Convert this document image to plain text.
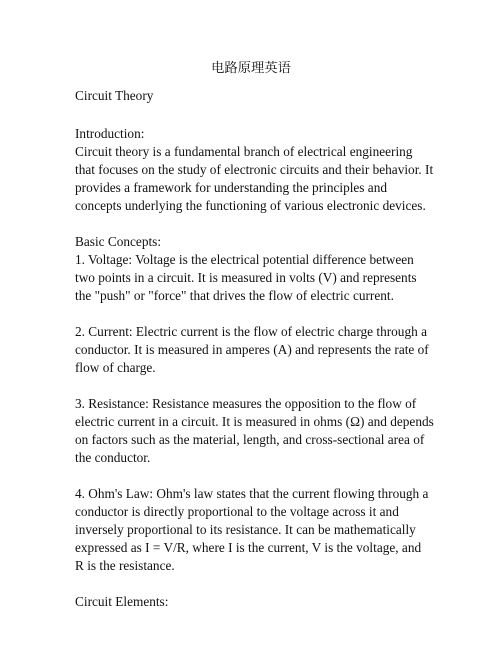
电路原理英语
Circuit Theory
Introduction:
Circuit theory is a fundamental branch of electrical engineering
that focuses on the study of electronic circuits and their behavior. It
provides a framework for understanding the principles and
concepts underlying the functioning of various electronic devices.
Basic Concepts:
1. Voltage: Voltage is the electrical potential difference between
two points in a circuit. It is measured in volts (V) and represents
the "push" or "force" that drives the flow of electric current.
2. Current: Electric current is the flow of electric charge through a
conductor. It is measured in amperes (A) and represents the rate of
flow of charge.
3. Resistance: Resistance measures the opposition to the flow of
electric current in a circuit. It is measured in ohms (Ω) and depends
on factors such as the material, length, and cross-sectional area of
the conductor.
4. Ohm's Law: Ohm's law states that the current flowing through a
conductor is directly proportional to the voltage across it and
inversely proportional to its resistance. It can be mathematically
expressed as I = V/R, where I is the current, V is the voltage, and
R is the resistance.
Circuit Elements:
